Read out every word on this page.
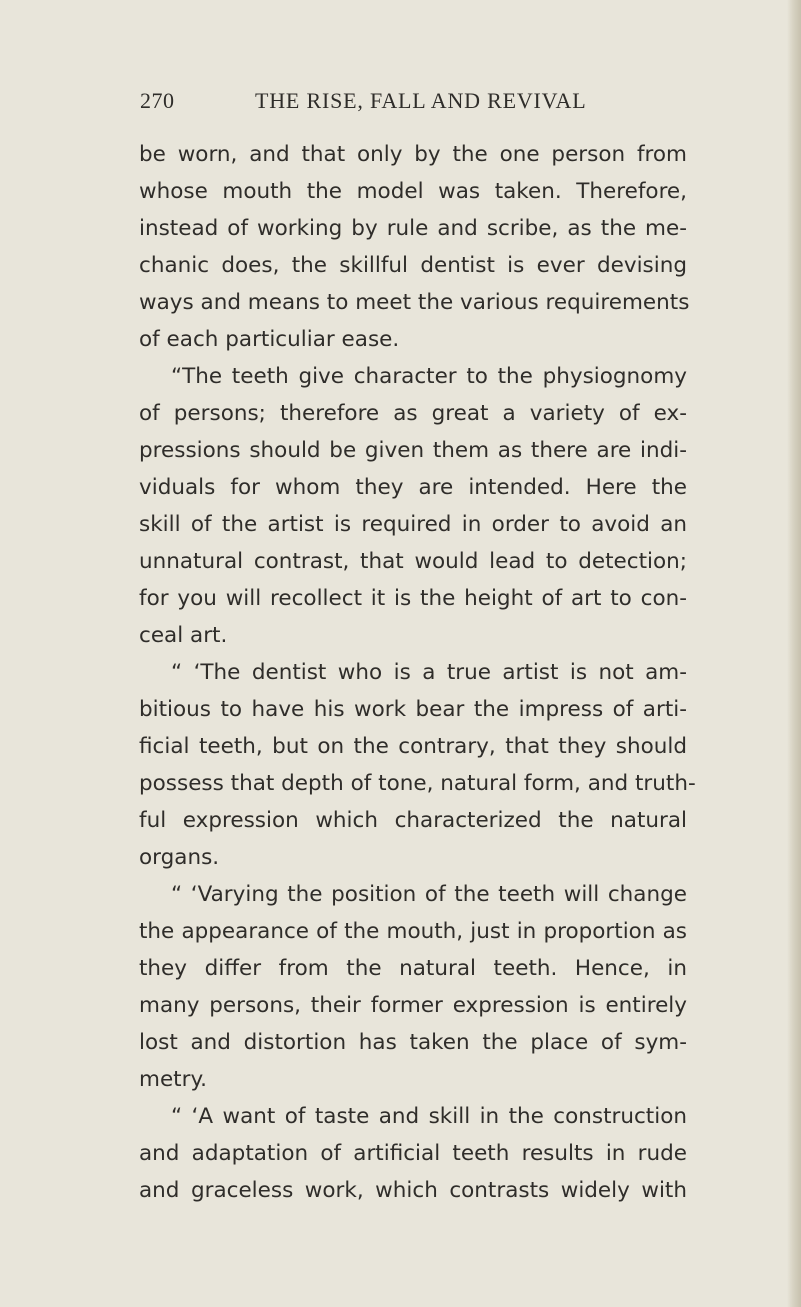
270	THE RISE, FALL AND REVIVAL
be worn, and that only by the one person from
whose mouth the model was taken. Therefore,
instead of working by rule and scribe, as the me-
chanic does, the skillful dentist is ever devising
ways and means to meet the various requirements
of each particuliar ease.
“The teeth give character to the physiognomy
of persons; therefore as great a variety of ex-
pressions should be given them as there are indi-
viduals for whom they are intended. Here the
skill of the artist is required in order to avoid an
unnatural contrast, that would lead to detection;
for you will recollect it is the height of art to con-
ceal art.
“ ‘The dentist who is a true artist is not am-
bitious to have his work bear the impress of arti-
ficial teeth, but on the contrary, that they should
possess that depth of tone, natural form, and truth-
ful expression which characterized the natural
organs.
“ ‘Varying the position of the teeth will change
the appearance of the mouth, just in proportion as
they differ from the natural teeth. Hence, in
many persons, their former expression is entirely
lost and distortion has taken the place of sym-
metry.
“ ‘A want of taste and skill in the construction
and adaptation of artificial teeth results in rude
and graceless work, which contrasts widely with
